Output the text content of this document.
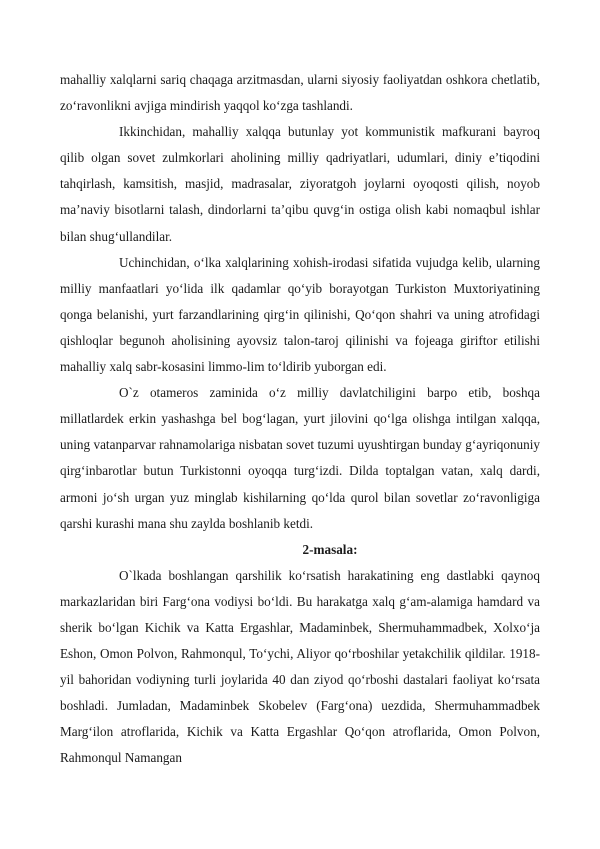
mahalliy xalqlarni sariq chaqaga arzitmasdan, ularni siyosiy faoliyatdan oshkora chetlatib, zo‘ravonlikni avjiga mindirish yaqqol ko‘zga tashlandi.

Ikkinchidan, mahalliy xalqqa butunlay yot kommunistik mafkurani bayroq qilib olgan sovet zulmkorlari aholining milliy qadriyatlari, udumlari, diniy e’tiqodini tahqirlash, kamsitish, masjid, madrasalar, ziyoratgoh joylarni oyoqosti qilish, noyob ma’naviy bisotlarni talash, dindorlarni ta’qibu quvg‘in ostiga olish kabi nomaqbul ishlar bilan shug‘ullandilar.

Uchinchidan, o‘lka xalqlarining xohish-irodasi sifatida vujudga kelib, ularning milliy manfaatlari yo‘lida ilk qadamlar qo‘yib borayotgan Turkiston Muxtoriyatining qonga belanishi, yurt farzandlarining qirg‘in qilinishi, Qo‘qon shahri va uning atrofidagi qishloqlar begunoh aholisining ayovsiz talon-taroj qilinishi va fojeaga giriftor etilishi mahalliy xalq sabr-kosasini limmo-lim to‘ldirib yuborgan edi.

O`z otameros zaminida o‘z milliy davlatchiligini barpo etib, boshqa millatlardek erkin yashashga bel bog‘lagan, yurt jilovini qo‘lga olishga intilgan xalqqa, uning vatanparvar rahnamolariga nisbatan sovet tuzumi uyushtirgan bunday g‘ayriqonuniy qirg‘inbarotlar butun Turkistonni oyoqqa turg‘izdi. Dilda toptalgan vatan, xalq dardi, armoni jo‘sh urgan yuz minglab kishilarning qo‘lda qurol bilan sovetlar zo‘ravonligiga qarshi kurashi mana shu zaylda boshlanib ketdi.

2-masala:

O`lkada boshlangan qarshilik ko‘rsatish harakatining eng dastlabki qaynoq markazlaridan biri Farg‘ona vodiysi bo‘ldi. Bu harakatga xalq g‘am-alamiga hamdard va sherik bo‘lgan Kichik va Katta Ergashlar, Madaminbek, Shermuhammadbek, Xolxo‘ja Eshon, Omon Polvon, Rahmonqul, To‘ychi, Aliyor qo‘rboshilar yetakchilik qildilar. 1918-yil bahoridan vodiyning turli joylarida 40 dan ziyod qo‘rboshi dastalari faoliyat ko‘rsata boshladi. Jumladan, Madaminbek Skobelev (Farg‘ona) uezdida, Shermuhammadbek Marg‘ilon atroflarida, Kichik va Katta Ergashlar Qo‘qon atroflarida, Omon Polvon, Rahmonqul Namangan
